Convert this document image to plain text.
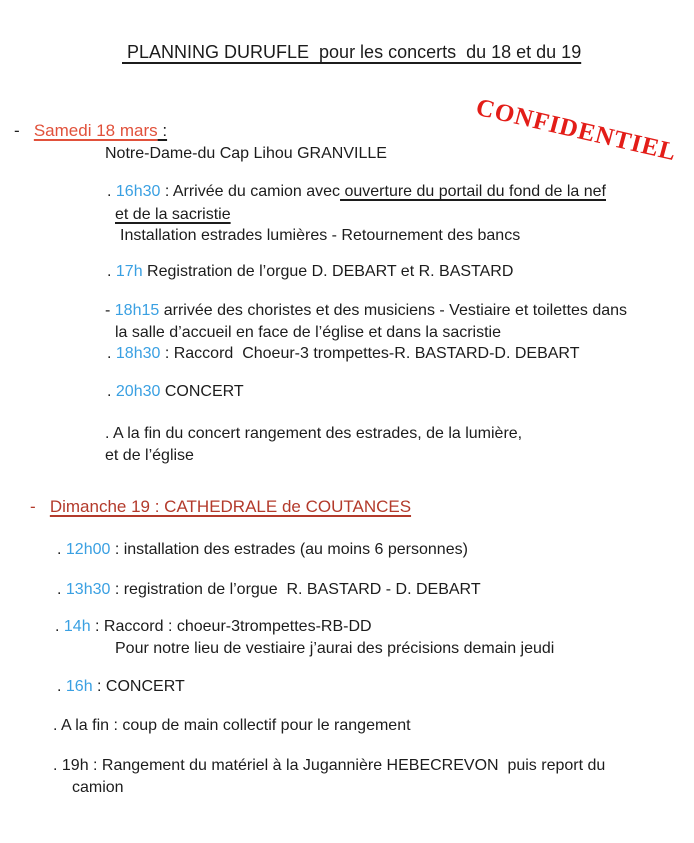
PLANNING DURUFLE  pour les concerts  du 18 et du 19
CONFIDENTIEL
-   Samedi 18 mars :
Notre-Dame-du Cap Lihou GRANVILLE
. 16h30 : Arrivée du camion avec ouverture du portail du fond de la nef
et de la sacristie
Installation estrades lumières - Retournement des bancs
. 17h Registration de l’orgue D. DEBART et R. BASTARD
- 18h15 arrivée des choristes et des musiciens - Vestiaire et toilettes dans
la salle d’accueil en face de l’église et dans la sacristie
. 18h30 : Raccord  Choeur-3 trompettes-R. BASTARD-D. DEBART
. 20h30 CONCERT
. A la fin du concert rangement des estrades, de la lumière,
et de l’église
-   Dimanche 19 : CATHEDRALE de COUTANCES
. 12h00 : installation des estrades (au moins 6 personnes)
. 13h30 : registration de l’orgue  R. BASTARD - D. DEBART
. 14h : Raccord : choeur-3trompettes-RB-DD
Pour notre lieu de vestiaire j’aurai des précisions demain jeudi
. 16h : CONCERT
. A la fin : coup de main collectif pour le rangement
. 19h : Rangement du matériel à la Jugannière HEBECREVON  puis report du
camion
